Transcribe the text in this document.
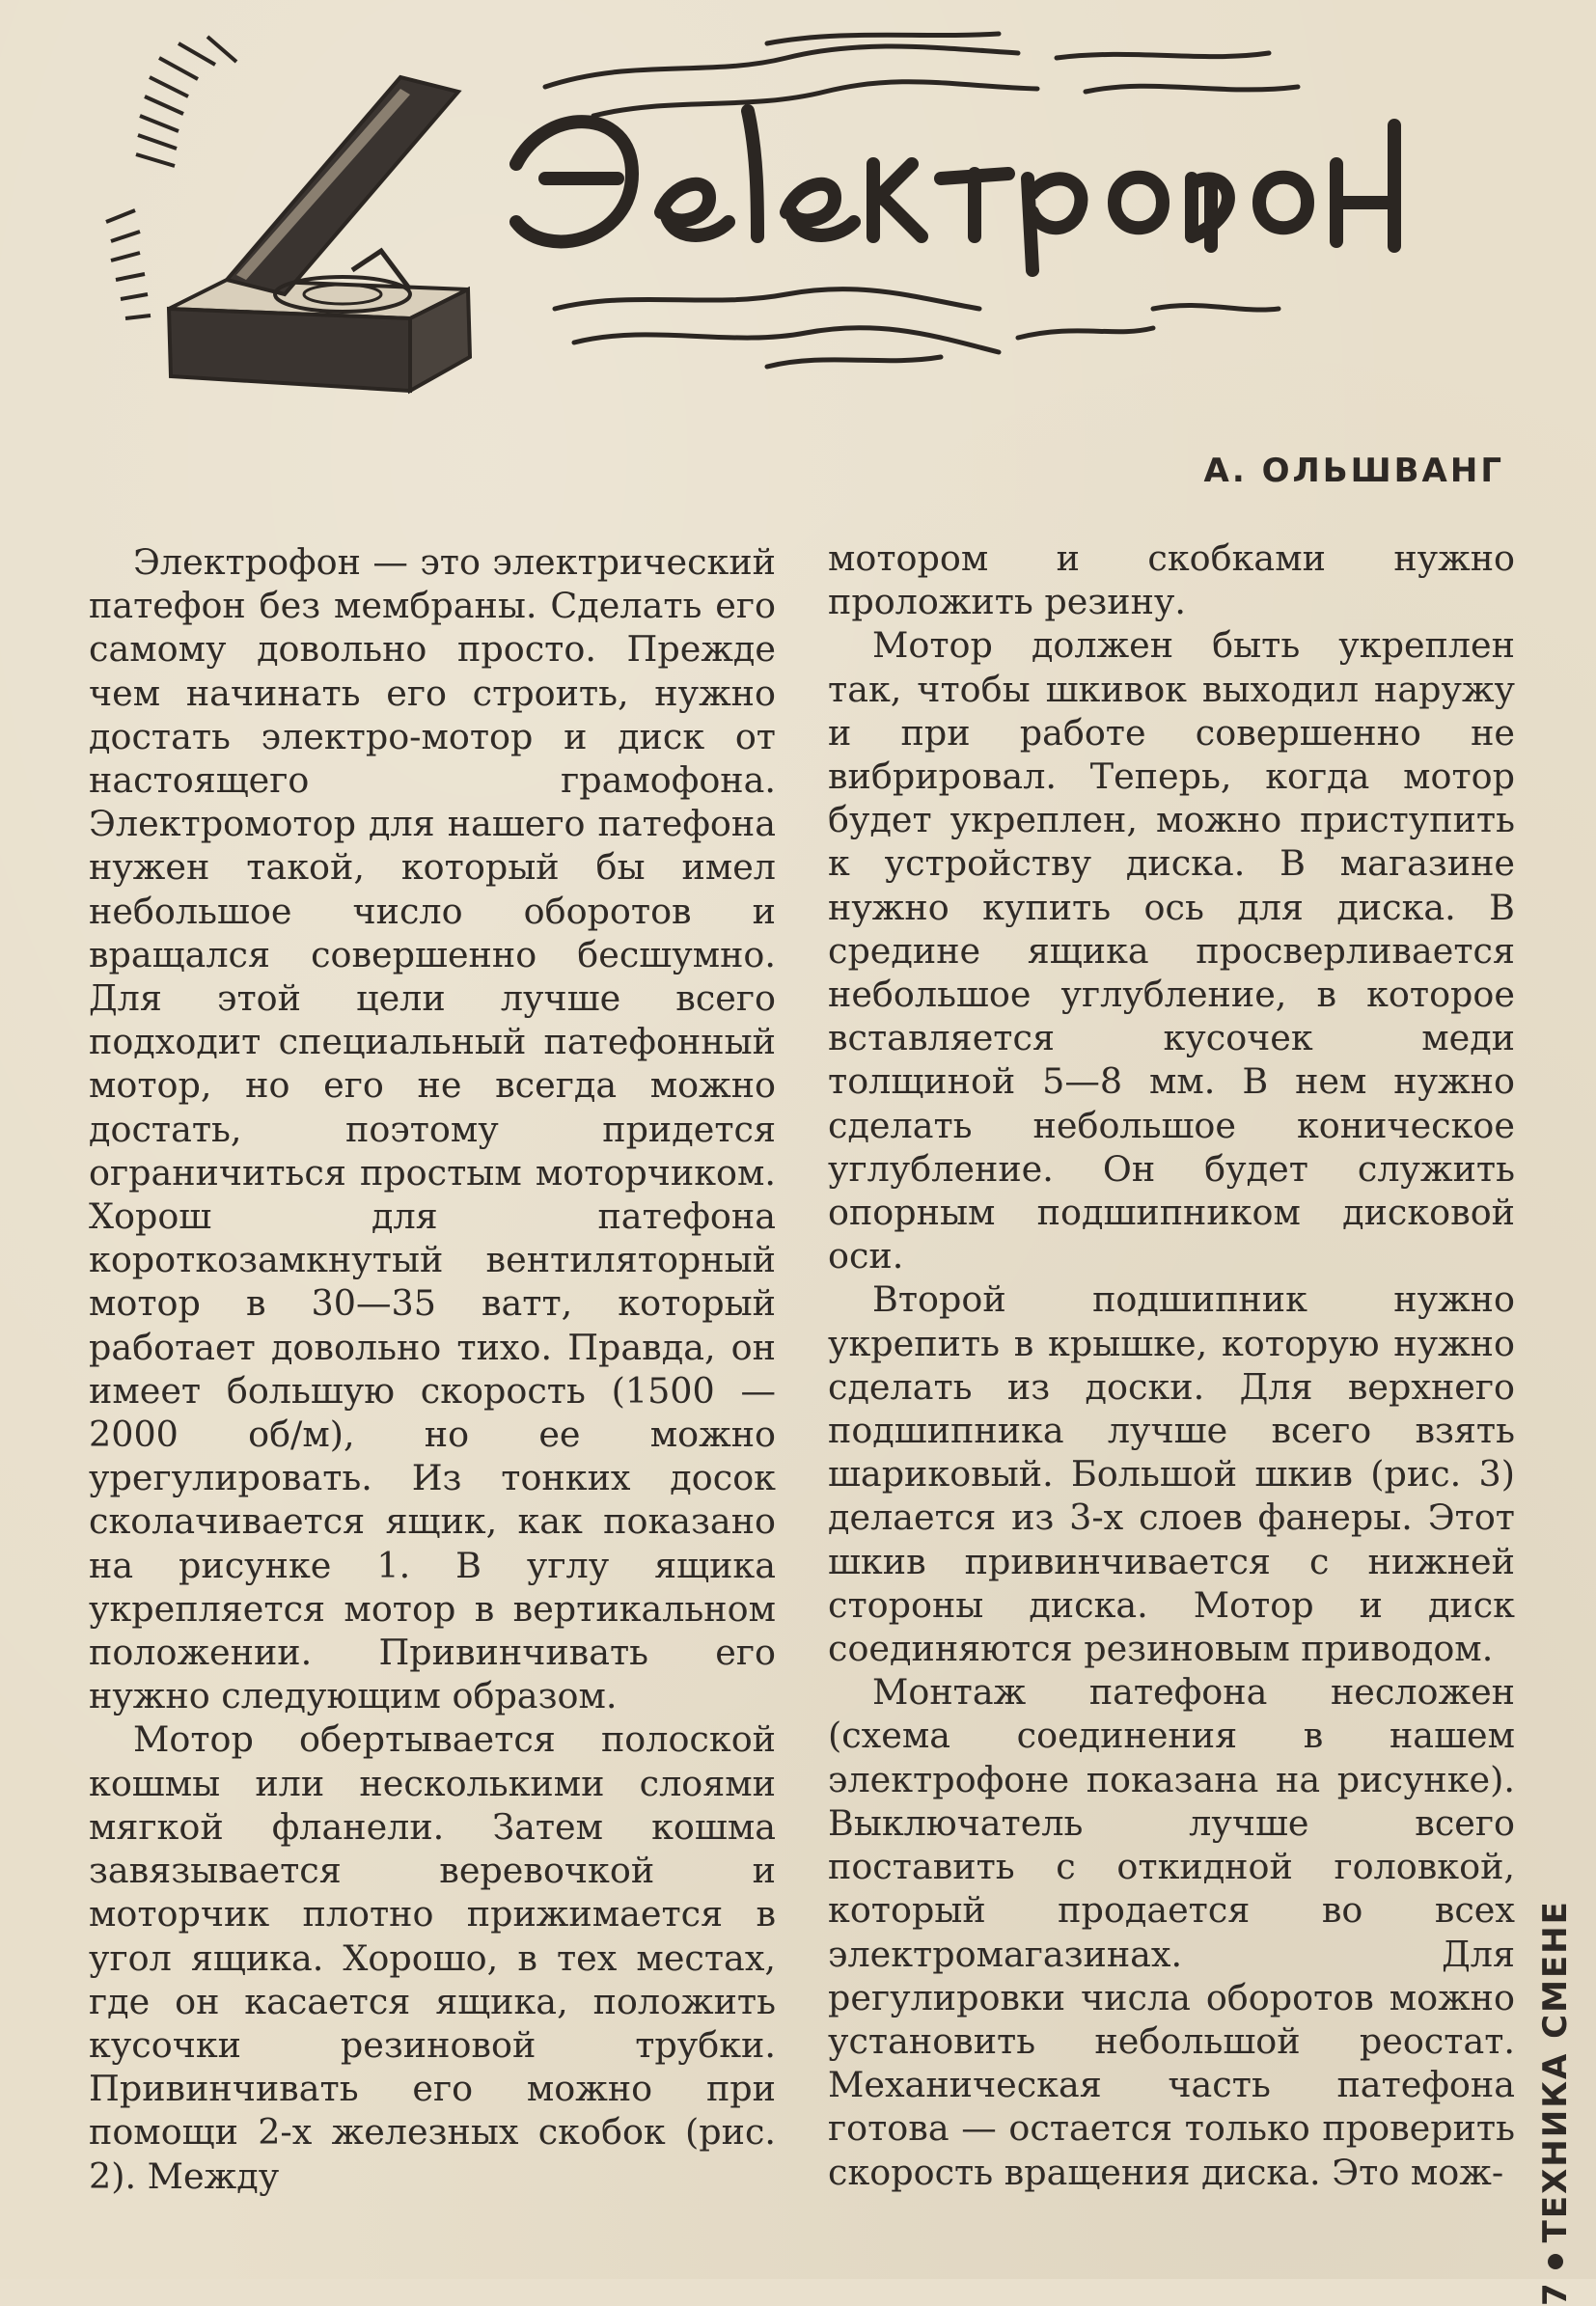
А. ОЛЬШВАНГ

Электрофон — это электрический патефон без мембраны. Сделать его самому довольно просто. Прежде чем начинать его строить, нужно достать электро-мотор и диск от настоящего грамофона. Электромотор для нашего патефона нужен такой, который бы имел небольшое число оборотов и вращался совершенно бесшумно. Для этой цели лучше всего подходит специальный патефонный мотор, но его не всегда можно достать, поэтому придется ограничиться простым моторчиком. Хорош для патефона короткозамкнутый вентиляторный мотор в 30—35 ватт, который работает довольно тихо. Правда, он имеет большую скорость (1500 — 2000 об/м), но ее можно урегулировать. Из тонких досок сколачивается ящик, как показано на рисунке 1. В углу ящика укрепляется мотор в вертикальном положении. Привинчивать его нужно следующим образом.

Мотор обертывается полоской кошмы или несколькими слоями мягкой фланели. Затем кошма завязывается веревочкой и моторчик плотно прижимается в угол ящика. Хорошо, в тех местах, где он касается ящика, положить кусочки резиновой трубки. Привинчивать его можно при помощи 2-х железных скобок (рис. 2). Между

мотором и скобками нужно проложить резину.

Мотор должен быть укреплен так, чтобы шкивок выходил наружу и при работе совершенно не вибрировал. Теперь, когда мотор будет укреплен, можно приступить к устройству диска. В магазине нужно купить ось для диска. В средине ящика просверливается небольшое углубление, в которое вставляется кусочек меди толщиной 5—8 мм. В нем нужно сделать небольшое коническое углубление. Он будет служить опорным подшипником дисковой оси.

Второй подшипник нужно укрепить в крышке, которую нужно сделать из доски. Для верхнего подшипника лучше всего взять шариковый. Большой шкив (рис. 3) делается из 3-х слоев фанеры. Этот шкив привинчивается с нижней стороны диска. Мотор и диск соединяются резиновым приводом.

Монтаж патефона несложен (схема соединения в нашем электрофоне показана на рисунке). Выключатель лучше всего поставить с откидной головкой, который продается во всех электромагазинах. Для регулировки числа оборотов можно установить небольшой реостат. Механическая часть патефона готова — остается только проверить скорость вращения диска. Это мож-

7
ТЕХНИКА СМЕНЕ
